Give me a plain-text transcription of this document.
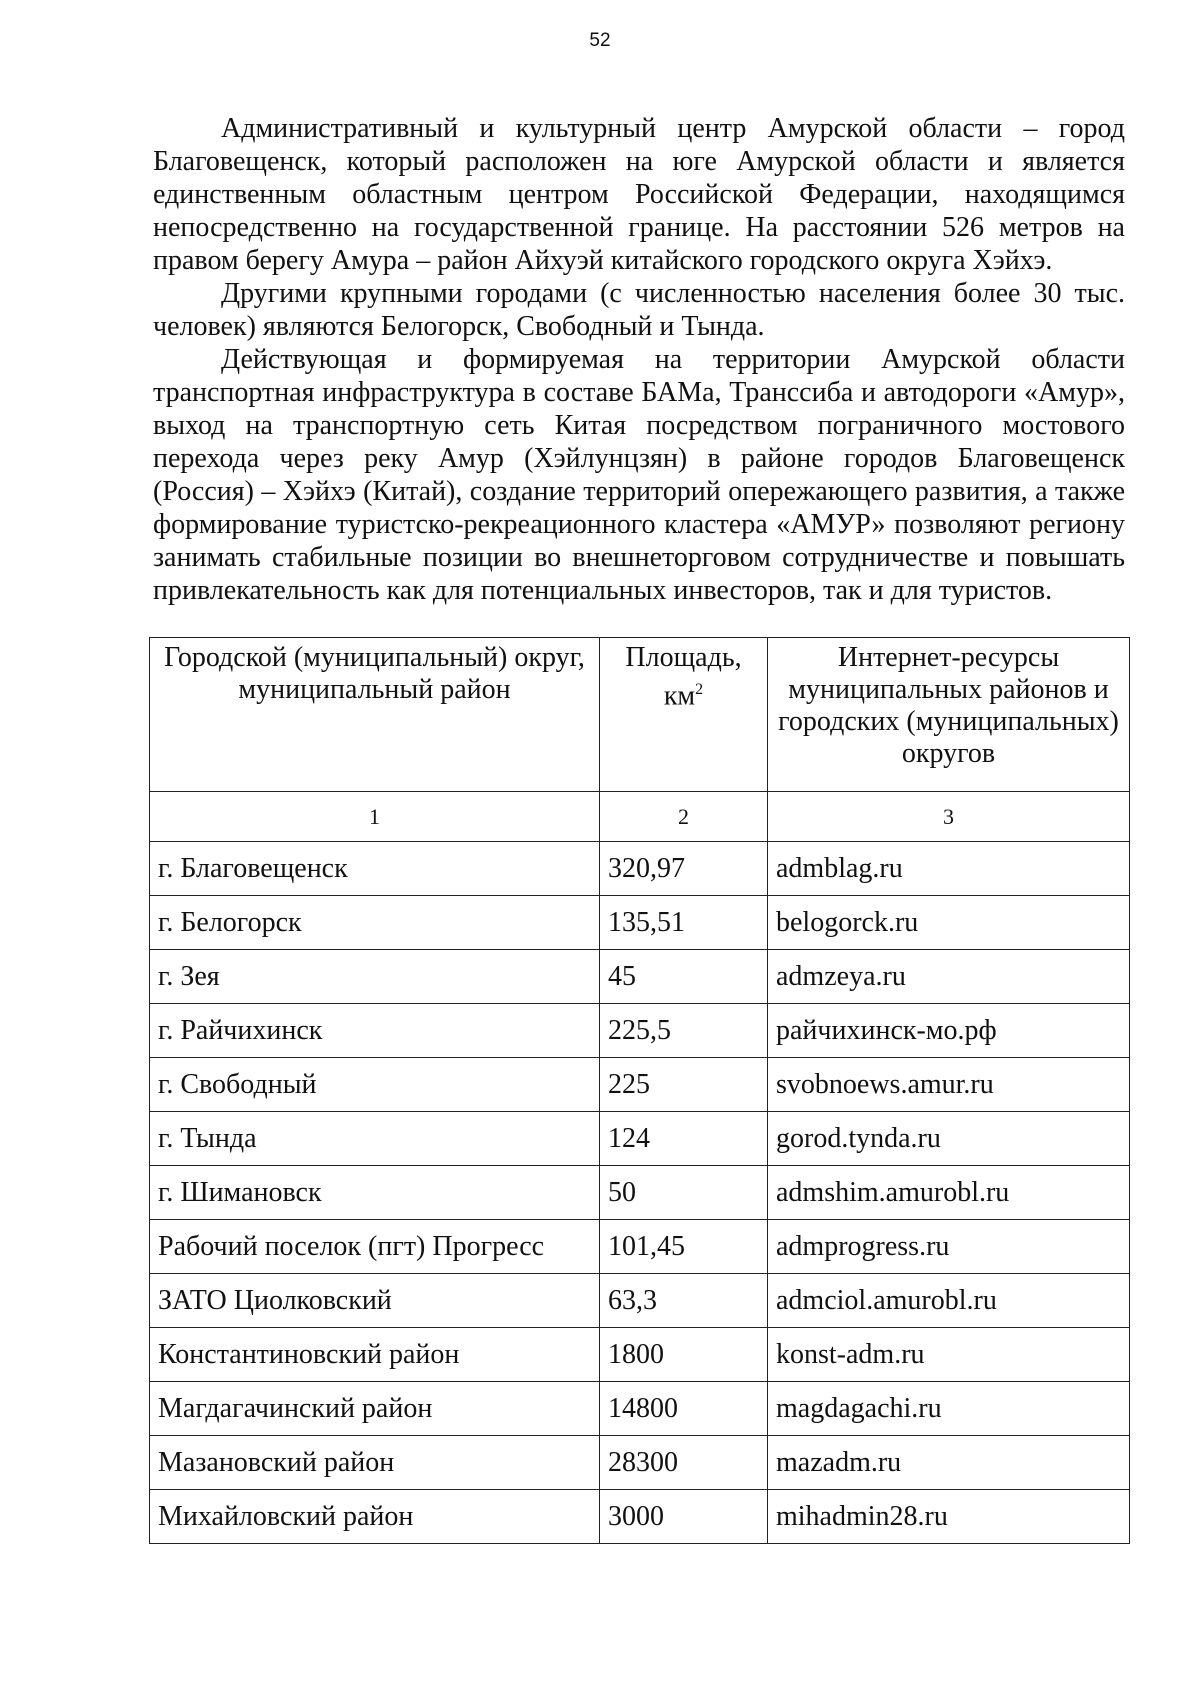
52

Административный и культурный центр Амурской области – город Благовещенск, который расположен на юге Амурской области и является единственным областным центром Российской Федерации, находящимся непосредственно на государственной границе. На расстоянии 526 метров на правом берегу Амура – район Айхуэй китайского городского округа Хэйхэ.

Другими крупными городами (с численностью населения более 30 тыс. человек) являются Белогорск, Свободный и Тында.

Действующая и формируемая на территории Амурской области транспортная инфраструктура в составе БАМа, Транссиба и автодороги «Амур», выход на транспортную сеть Китая посредством пограничного мостового перехода через реку Амур (Хэйлунцзян) в районе городов Благовещенск (Россия) – Хэйхэ (Китай), создание территорий опережающего развития, а также формирование туристско-рекреационного кластера «АМУР» позволяют региону занимать стабильные позиции во внешнеторговом сотрудничестве и повышать привлекательность как для потенциальных инвесторов, так и для туристов.

Городской (муниципальный) округ, муниципальный район	Площадь, $км^2$	Интернет-ресурсы муниципальных районов и городских (муниципальных) округов
1	2	3
г. Благовещенск	320,97	admblag.ru
г. Белогорск	135,51	belogorck.ru
г. Зея	45	admzeya.ru
г. Райчихинск	225,5	райчихинск-мо.рф
г. Свободный	225	svobnoews.amur.ru
г. Тында	124	gorod.tynda.ru
г. Шимановск	50	admshim.amurobl.ru
Рабочий поселок (пгт) Прогресс	101,45	admprogress.ru
ЗАТО Циолковский	63,3	admciol.amurobl.ru
Константиновский район	1800	konst-adm.ru
Магдагачинский район	14800	magdagachi.ru
Мазановский район	28300	mazadm.ru
Михайловский район	3000	mihadmin28.ru
